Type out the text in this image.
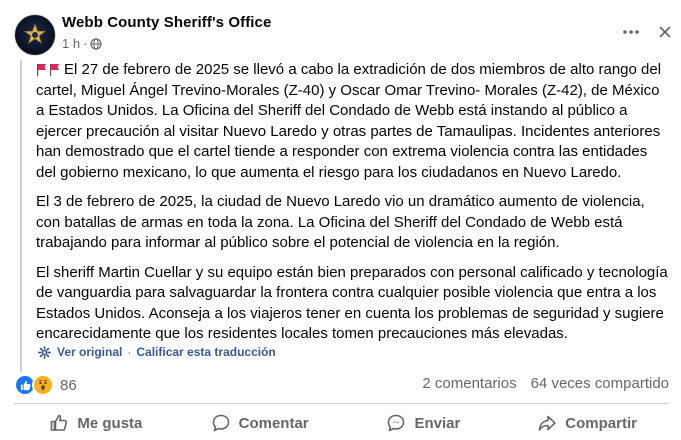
Webb County Sheriff's Office
1 h ·

El 27 de febrero de 2025 se llevó a cabo la extradición de dos miembros de alto rango del cartel, Miguel Ángel Trevino-Morales (Z-40) y Oscar Omar Trevino- Morales (Z-42), de México a Estados Unidos. La Oficina del Sheriff del Condado de Webb está instando al público a ejercer precaución al visitar Nuevo Laredo y otras partes de Tamaulipas. Incidentes anteriores han demostrado que el cartel tiende a responder con extrema violencia contra las entidades del gobierno mexicano, lo que aumenta el riesgo para los ciudadanos en Nuevo Laredo.

El 3 de febrero de 2025, la ciudad de Nuevo Laredo vio un dramático aumento de violencia, con batallas de armas en toda la zona. La Oficina del Sheriff del Condado de Webb está trabajando para informar al público sobre el potencial de violencia en la región.

El sheriff Martin Cuellar y su equipo están bien preparados con personal calificado y tecnología de vanguardia para salvaguardar la frontera contra cualquier posible violencia que entra a los Estados Unidos. Aconseja a los viajeros tener en cuenta los problemas de seguridad y sugiere encarecidamente que los residentes locales tomen precauciones más elevadas.

Ver original · Calificar esta traducción
86	2 comentarios 64 veces compartido
Me gusta	Comentar	Enviar	Compartir
